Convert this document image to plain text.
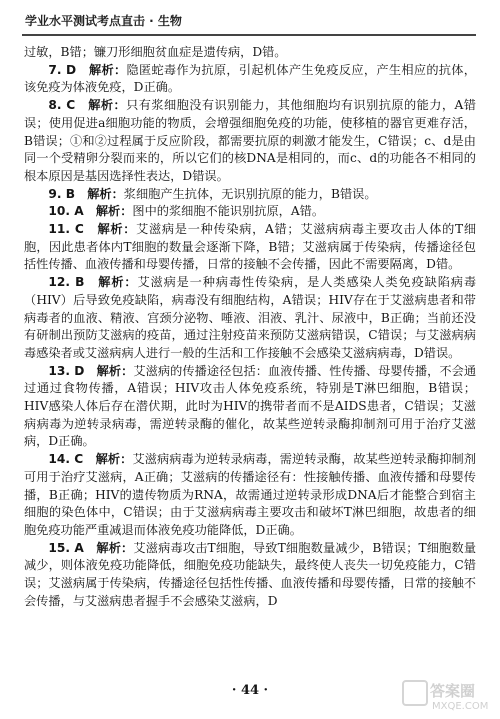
学业水平测试考点直击 · 生物

过敏，B错；镰刀形细胞贫血症是遗传病，D错。

7. D　解析：隐匿蛇毒作为抗原，引起机体产生免疫反应，产生相应的抗体，该免疫为体液免疫，D正确。

8. C　解析：只有浆细胞没有识别能力，其他细胞均有识别抗原的能力，A错误；使用促进a细胞功能的物质，会增强细胞免疫的功能，使移植的器官更难存活，B错误；①和②过程属于反应阶段，都需要抗原的刺激才能发生，C错误；c、d是由同一个受精卵分裂而来的，所以它们的核DNA是相同的，而c、d的功能各不相同的根本原因是基因选择性表达，D错误。

9. B　解析：浆细胞产生抗体，无识别抗原的能力，B错误。

10. A　解析：图中的浆细胞不能识别抗原，A错。

11. C　解析：艾滋病是一种传染病，A错；艾滋病病毒主要攻击人体的T细胞，因此患者体内T细胞的数量会逐渐下降，B错；艾滋病属于传染病，传播途径包括性传播、血液传播和母婴传播，日常的接触不会传播，因此不需要隔离，D错。

12. B　解析：艾滋病是一种病毒性传染病，是人类感染人类免疫缺陷病毒（HIV）后导致免疫缺陷，病毒没有细胞结构，A错误；HIV存在于艾滋病患者和带病毒者的血液、精液、宫颈分泌物、唾液、泪液、乳汁、尿液中，B正确；当前还没有研制出预防艾滋病的疫苗，通过注射疫苗来预防艾滋病错误，C错误；与艾滋病病毒感染者或艾滋病病人进行一般的生活和工作接触不会感染艾滋病病毒，D错误。

13. D　解析：艾滋病的传播途径包括：血液传播、性传播、母婴传播，不会通过通过食物传播，A错误；HIV攻击人体免疫系统，特别是T淋巴细胞，B错误；HIV感染人体后存在潜伏期，此时为HIV的携带者而不是AIDS患者，C错误；艾滋病病毒为逆转录病毒，需逆转录酶的催化，故某些逆转录酶抑制剂可用于治疗艾滋病，D正确。

14. C　解析：艾滋病病毒为逆转录病毒，需逆转录酶，故某些逆转录酶抑制剂可用于治疗艾滋病，A正确；艾滋病的传播途径有：性接触传播、血液传播和母婴传播，B正确；HIV的遗传物质为RNA，故需通过逆转录形成DNA后才能整合到宿主细胞的染色体中，C错误；由于艾滋病病毒主要攻击和破坏T淋巴细胞，故患者的细胞免疫功能严重减退而体液免疫功能降低，D正确。

15. A　解析：艾滋病毒攻击T细胞，导致T细胞数量减少，B错误；T细胞数量减少，则体液免疫功能降低，细胞免疫功能缺失，最终使人丧失一切免疫能力，C错误；艾滋病属于传染病，传播途径包括性传播、血液传播和母婴传播，日常的接触不会传播，与艾滋病患者握手不会感染艾滋病，D

· 44 ·	答案圈
MXQE.COM
